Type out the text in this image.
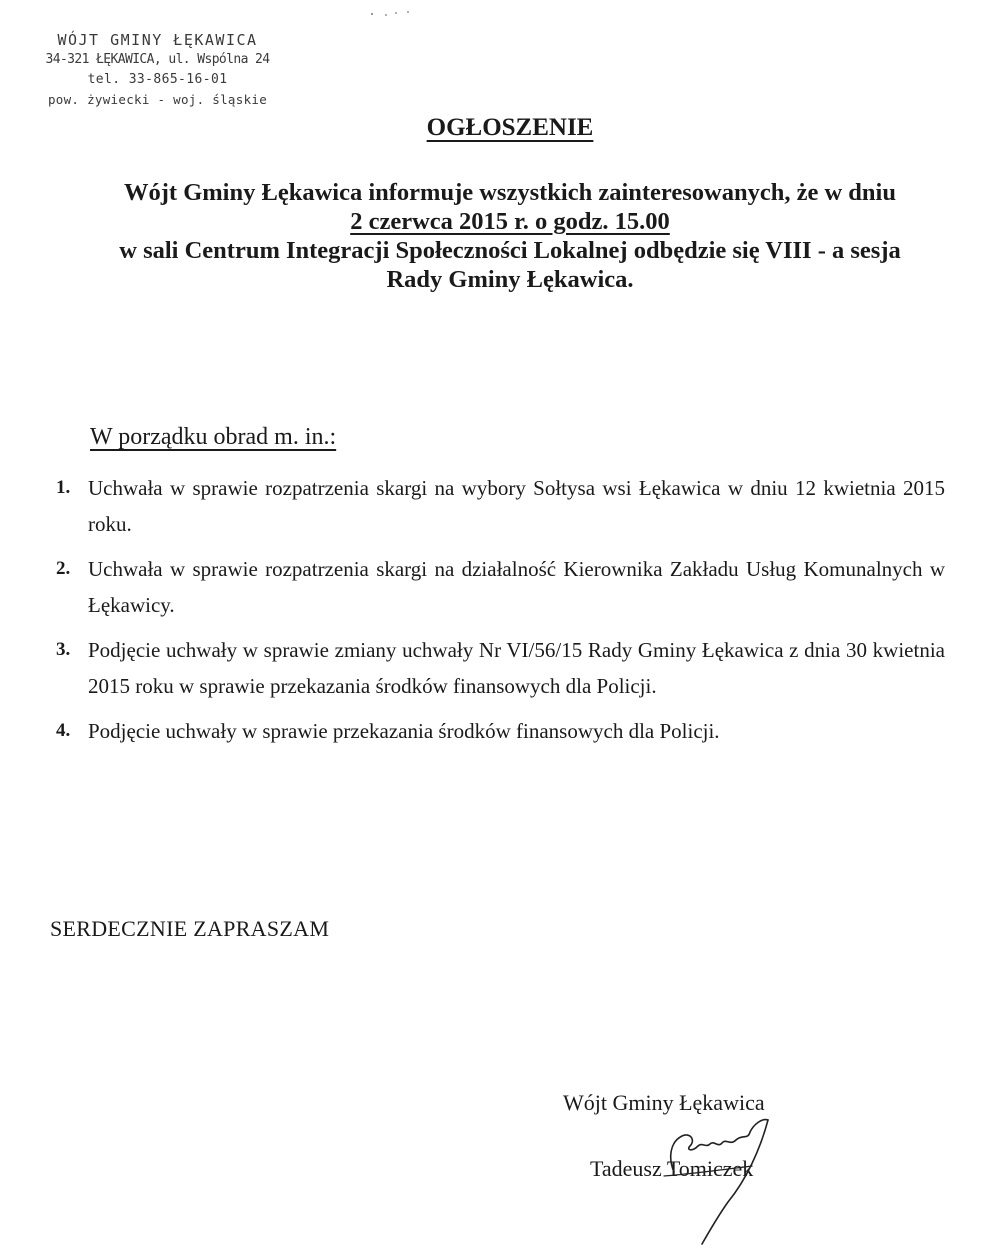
WÓJT GMINY ŁĘKAWICA
34-321 ŁĘKAWICA, ul. Wspólna 24
tel. 33-865-16-01
pow. żywiecki - woj. śląskie
OGŁOSZENIE
Wójt Gminy Łękawica informuje wszystkich zainteresowanych, że w dniu
2 czerwca 2015 r. o godz. 15.00
w sali Centrum Integracji Społeczności Lokalnej odbędzie się VIII - a sesja
Rady Gminy Łękawica.
W porządku obrad m. in.:
1. Uchwała w sprawie rozpatrzenia skargi na wybory Sołtysa wsi Łękawica w dniu 12 kwietnia 2015 roku.
2. Uchwała w sprawie rozpatrzenia skargi na działalność Kierownika Zakładu Usług Komunalnych w Łękawicy.
3. Podjęcie uchwały w sprawie zmiany uchwały Nr VI/56/15 Rady Gminy Łękawica z dnia 30 kwietnia 2015 roku w sprawie przekazania środków finansowych dla Policji.
4. Podjęcie uchwały w sprawie przekazania środków finansowych dla Policji.
SERDECZNIE ZAPRASZAM
Wójt Gminy Łękawica
Tadeusz Tomiczek
